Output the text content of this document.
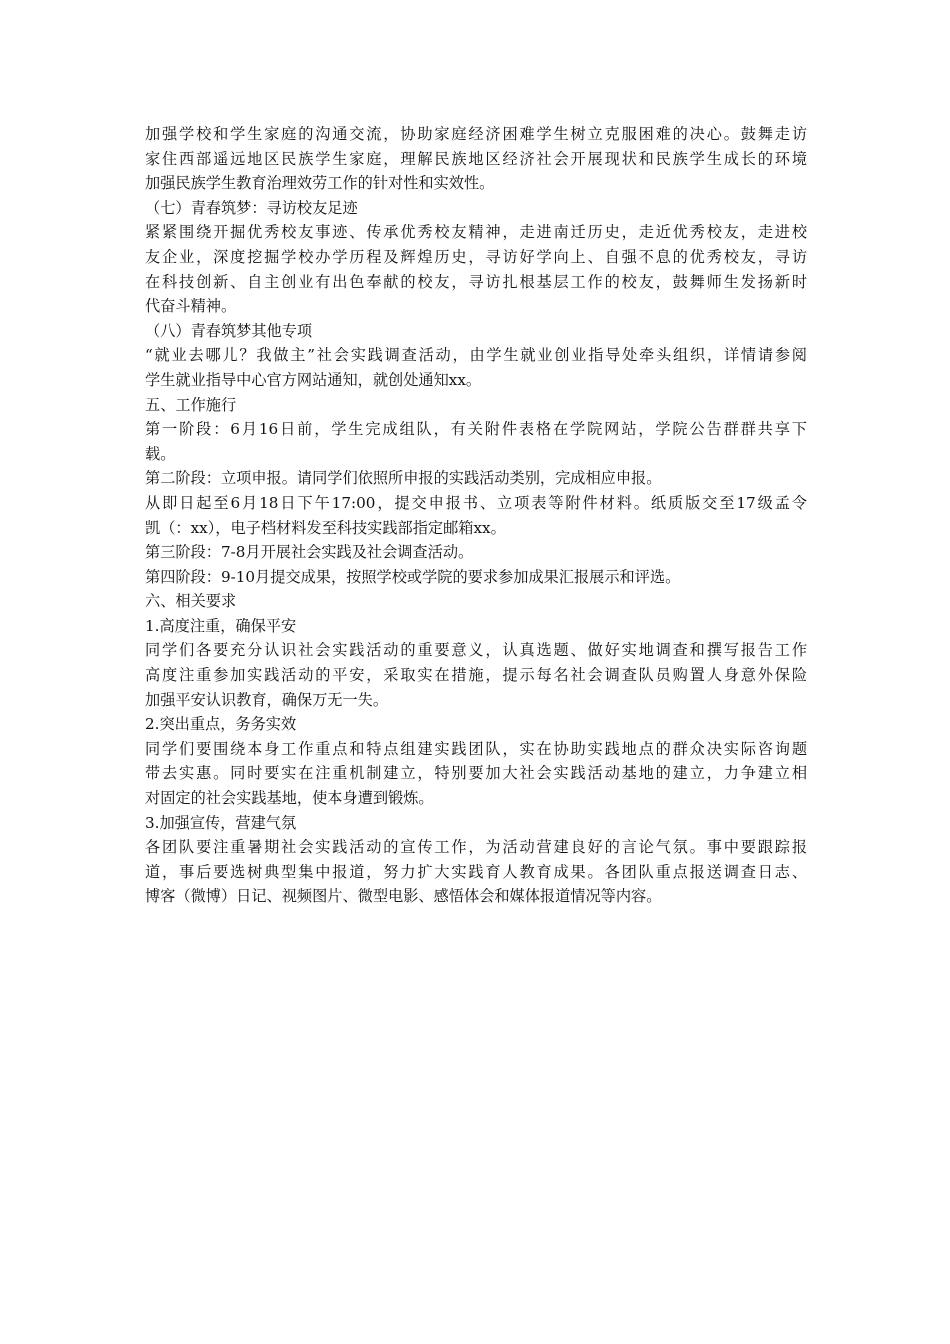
加强学校和学生家庭的沟通交流，协助家庭经济困难学生树立克服困难的决心。鼓舞走访
家住西部遥远地区民族学生家庭，理解民族地区经济社会开展现状和民族学生成长的环境
加强民族学生教育治理效劳工作的针对性和实效性。
（七）青春筑梦：寻访校友足迹
紧紧围绕开掘优秀校友事迹、传承优秀校友精神，走进南迁历史，走近优秀校友，走进校
友企业，深度挖掘学校办学历程及辉煌历史，寻访好学向上、自强不息的优秀校友，寻访
在科技创新、自主创业有出色奉献的校友，寻访扎根基层工作的校友，鼓舞师生发扬新时
代奋斗精神。
（八）青春筑梦其他专项
“就业去哪儿？我做主”社会实践调查活动，由学生就业创业指导处牵头组织，详情请参阅
学生就业指导中心官方网站通知，就创处通知xx。
五、工作施行
第一阶段：6月16日前，学生完成组队，有关附件表格在学院网站，学院公告群群共享下
载。
第二阶段：立项申报。请同学们依照所申报的实践活动类别，完成相应申报。
从即日起至6月18日下午17:00，提交申报书、立项表等附件材料。纸质版交至17级孟令
凯（：xx），电子档材料发至科技实践部指定邮箱xx。
第三阶段：7-8月开展社会实践及社会调查活动。
第四阶段：9-10月提交成果，按照学校或学院的要求参加成果汇报展示和评选。
六、相关要求
1.高度注重，确保平安
同学们各要充分认识社会实践活动的重要意义，认真选题、做好实地调查和撰写报告工作
高度注重参加实践活动的平安，采取实在措施，提示每名社会调查队员购置人身意外保险
加强平安认识教育，确保万无一失。
2.突出重点，务务实效
同学们要围绕本身工作重点和特点组建实践团队，实在协助实践地点的群众决实际咨询题
带去实惠。同时要实在注重机制建立，特别要加大社会实践活动基地的建立，力争建立相
对固定的社会实践基地，使本身遭到锻炼。
3.加强宣传，营建气氛
各团队要注重暑期社会实践活动的宣传工作，为活动营建良好的言论气氛。事中要跟踪报
道，事后要选树典型集中报道，努力扩大实践育人教育成果。各团队重点报送调查日志、
博客（微博）日记、视频图片、微型电影、感悟体会和媒体报道情况等内容。
